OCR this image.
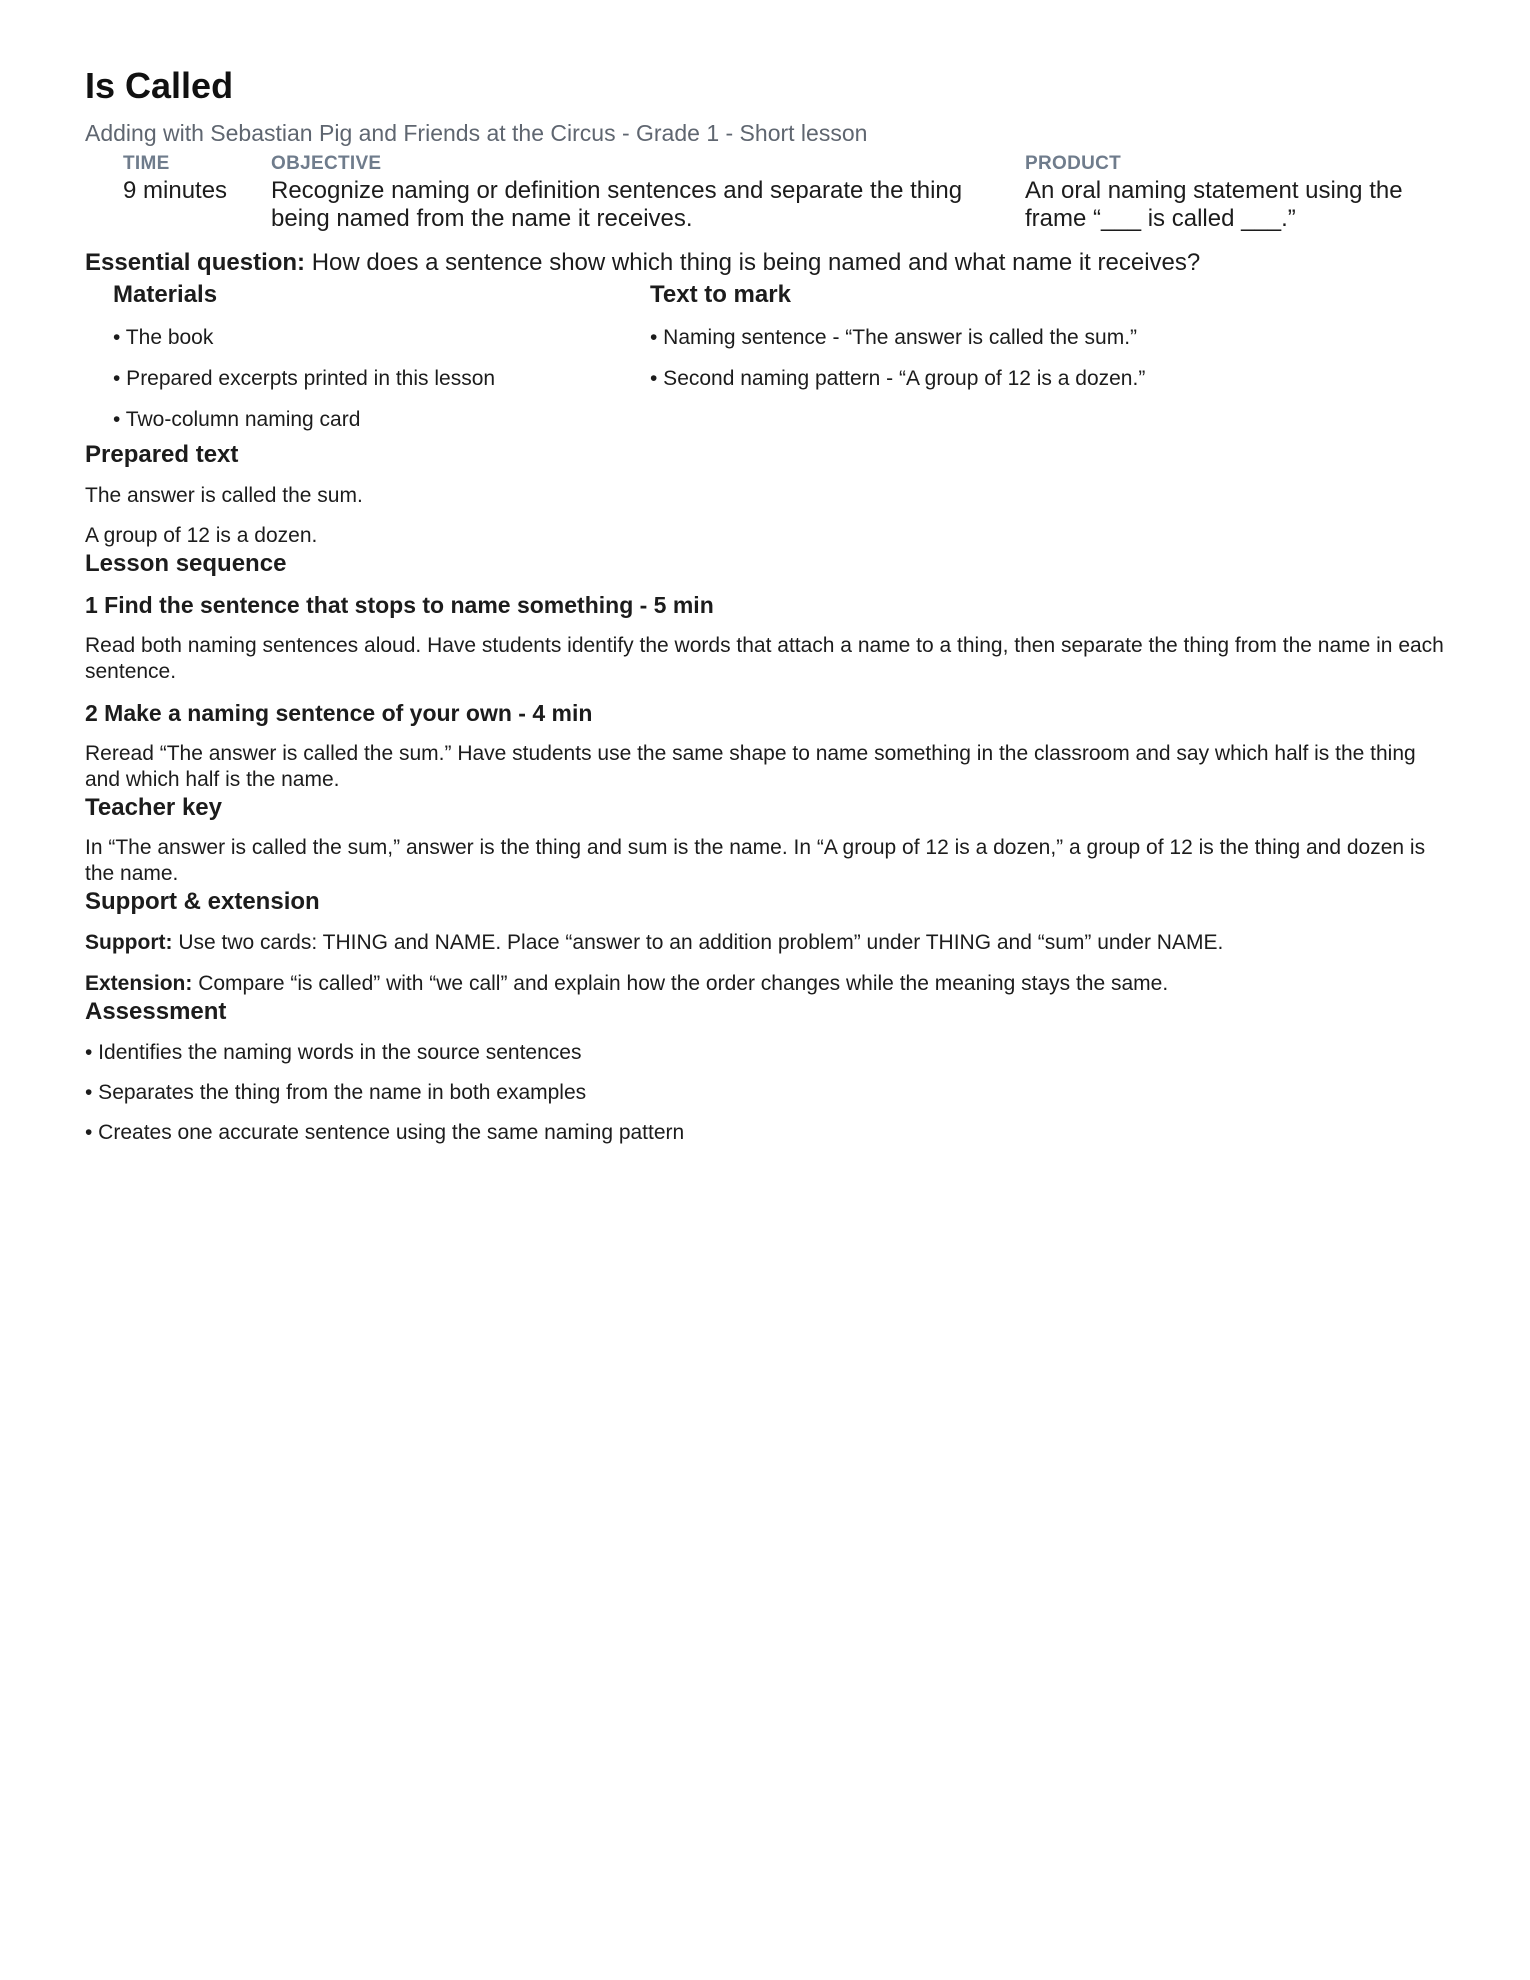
Is Called
Adding with Sebastian Pig and Friends at the Circus - Grade 1 - Short lesson
TIME
9 minutes
OBJECTIVE
Recognize naming or definition sentences and separate the thing being named from the name it receives.
PRODUCT
An oral naming statement using the frame “___ is called ___.”
Essential question: How does a sentence show which thing is being named and what name it receives?
Materials
• The book
• Prepared excerpts printed in this lesson
• Two-column naming card
Text to mark
• Naming sentence - “The answer is called the sum.”
• Second naming pattern - “A group of 12 is a dozen.”
Prepared text

The answer is called the sum.

A group of 12 is a dozen.

Lesson sequence
1 Find the sentence that stops to name something - 5 min

Read both naming sentences aloud. Have students identify the words that attach a name to a thing, then separate the thing from the name in each sentence.

2 Make a naming sentence of your own - 4 min

Reread “The answer is called the sum.” Have students use the same shape to name something in the classroom and say which half is the thing and which half is the name.

Teacher key

In “The answer is called the sum,” answer is the thing and sum is the name. In “A group of 12 is a dozen,” a group of 12 is the thing and dozen is the name.

Support & extension

Support: Use two cards: THING and NAME. Place “answer to an addition problem” under THING and “sum” under NAME.

Extension: Compare “is called” with “we call” and explain how the order changes while the meaning stays the same.

Assessment
• Identifies the naming words in the source sentences
• Separates the thing from the name in both examples
• Creates one accurate sentence using the same naming pattern
